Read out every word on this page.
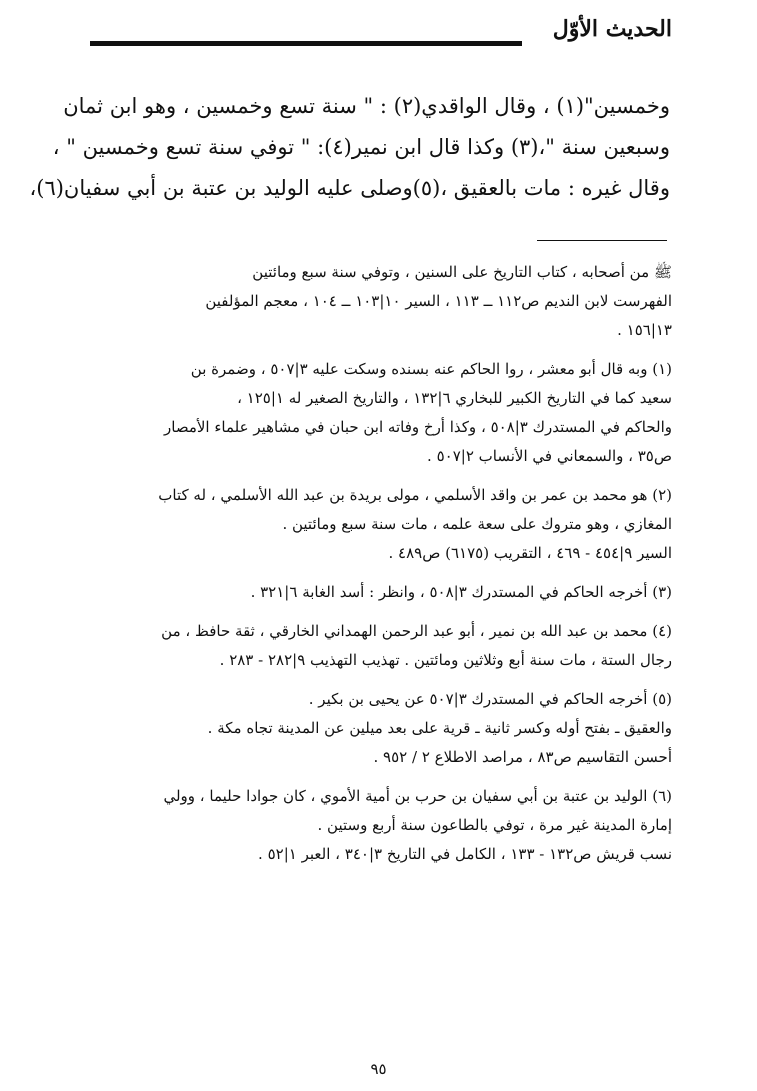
الحديث الأوّل
وخمسين"(١) ، وقال الواقدي(٢) : " سنة تسع وخمسين ، وهو ابن ثمان
وسبعين سنة "،(٣) وكذا قال ابن نمير(٤): " توفي سنة تسع وخمسين " ،
وقال غيره : مات بالعقيق ،(٥)وصلى عليه الوليد بن عتبة بن أبي سفيان(٦)،
ﷺ من أصحابه ، كتاب التاريخ على السنين ، وتوفي سنة سبع ومائتين
الفهرست لابن النديم ص١١٢ ــ ١١٣ ، السير ١٠|١٠٣ ــ ١٠٤ ، معجم المؤلفين
١٣|١٥٦ .
(١) وبه قال أبو معشر ، روا الحاكم عنه بسنده وسكت عليه ٣|٥٠٧ ، وضمرة بن
سعيد كما في التاريخ الكبير للبخاري ٦|١٣٢ ، والتاريخ الصغير له ١|١٢٥ ،
والحاكم في المستدرك ٣|٥٠٨ ، وكذا أرخ وفاته ابن حبان في مشاهير علماء الأمصار
ص٣٥ ، والسمعاني في الأنساب ٢|٥٠٧ .
(٢) هو محمد بن عمر بن واقد الأسلمي ، مولى بريدة بن عبد الله الأسلمي ، له كتاب
المغازي ، وهو متروك على سعة علمه ، مات سنة سبع ومائتين .
السير ٩|٤٥٤ - ٤٦٩ ، التقريب (٦١٧٥) ص٤٨٩ .
(٣) أخرجه الحاكم في المستدرك ٣|٥٠٨ ، وانظر : أسد الغابة ٦|٣٢١ .
(٤) محمد بن عبد الله بن نمير ، أبو عبد الرحمن الهمداني الخارقي ، ثقة حافظ ، من
رجال الستة ، مات سنة أبع وثلاثين ومائتين . تهذيب التهذيب ٩|٢٨٢ - ٢٨٣ .
(٥) أخرجه الحاكم في المستدرك ٣|٥٠٧ عن يحيى بن بكير .
والعقيق ـ بفتح أوله وكسر ثانية ـ قرية على بعد ميلين عن المدينة تجاه مكة .
أحسن التقاسيم ص٨٣ ، مراصد الاطلاع ٢ / ٩٥٢ .
(٦) الوليد بن عتبة بن أبي سفيان بن حرب بن أمية الأموي ، كان جوادا حليما ، وولي
إمارة المدينة غير مرة ، توفي بالطاعون سنة أربع وستين .
نسب قريش ص١٣٢ - ١٣٣ ، الكامل في التاريخ ٣|٣٤٠ ، العبر ١|٥٢ .
٩٥
